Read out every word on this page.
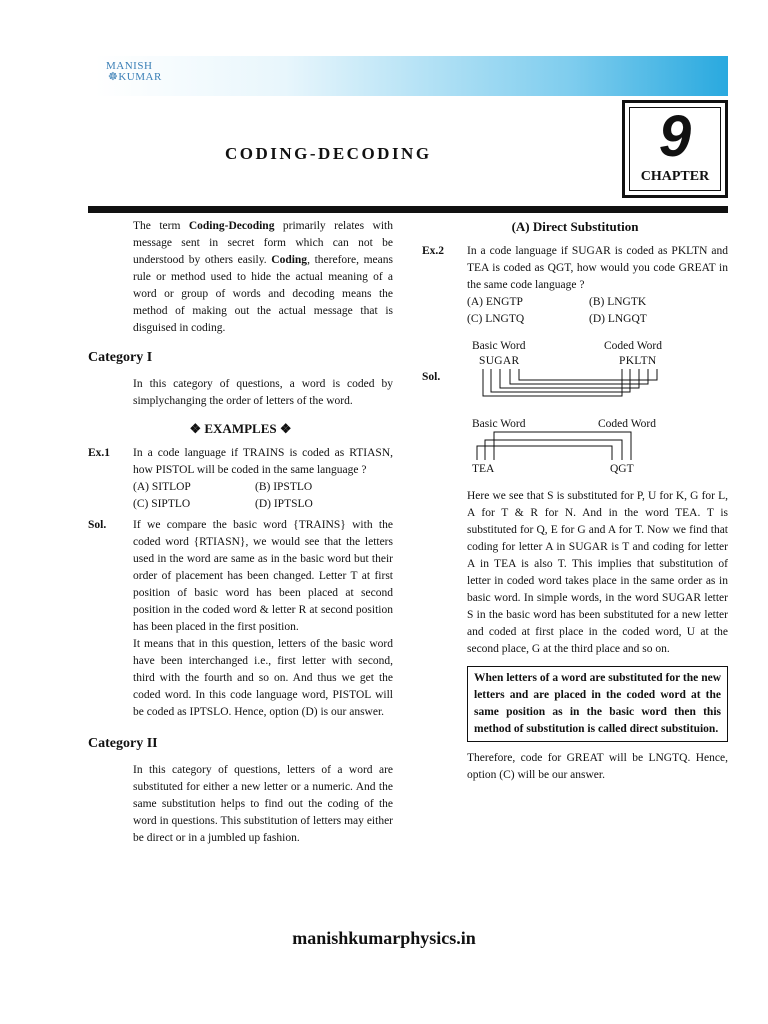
MANISH
☸KUMAR
9
CHAPTER
CODING-DECODING

The term Coding-Decoding primarily relates with message sent in secret form which can not be understood by others easily. Coding, therefore, means rule or method used to hide the actual meaning of a word or group of words and decoding means the method of making out the actual message that is disguised in coding.

Category I

In this category of questions, a word is coded by simplychanging the order of letters of the word.

❖ EXAMPLES ❖
Ex.1	In a code language if TRAINS is coded as RTIASN, how PISTOL will be coded in the same language ?

(A) SITLOP	(B) IPSTLO
(C) SIPTLO	(D) IPTSLO
Sol.	If we compare the basic word {TRAINS} with the coded word {RTIASN}, we would see that the letters used in the word are same as in the basic word but their order of placement has been changed. Letter T at first position of basic word has been placed at second position in the coded word & letter R at second position has been placed in the first position.

It means that in this question, letters of the basic word have been interchanged i.e., first letter with second, third with the fourth and so on. And thus we get the coded word. In this code language word, PISTOL will be coded as IPTSLO. Hence, option (D) is our answer.

Category II

In this category of questions, letters of a word are substituted for either a new letter or a numeric. And the same substitution helps to find out the coding of the word in questions. This substitution of letters may either be direct or in a jumbled up fashion.

(A) Direct Substitution
Ex.2	In a code language if SUGAR is coded as PKLTN and TEA is coded as QGT, how would you code GREAT in the same code language ?

(A) ENGTP	(B) LNGTK
(C) LNGTQ	(D) LNGQT
Sol.
Basic Word	Coded Word
SUGAR	PKLTN
Basic Word	Coded Word
TEA	QGT

Here we see that S is substituted for P, U for K, G for L, A for T & R for N. And in the word TEA. T is substituted for Q, E for G and A for T. Now we find that coding for letter A in SUGAR is T and coding for letter A in TEA is also T. This implies that substitution of letter in coded word takes place in the same order as in basic word. In simple words, in the word SUGAR letter S in the basic word has been substituted for a new letter and coded at first place in the coded word, U at the second place, G at the third place and so on.

When letters of a word are substituted for the new letters and are placed in the coded word at the same position as in the basic word then this method of substitution is called direct substituion.

Therefore, code for GREAT will be LNGTQ. Hence, option (C) will be our answer.

manishkumarphysics.in
